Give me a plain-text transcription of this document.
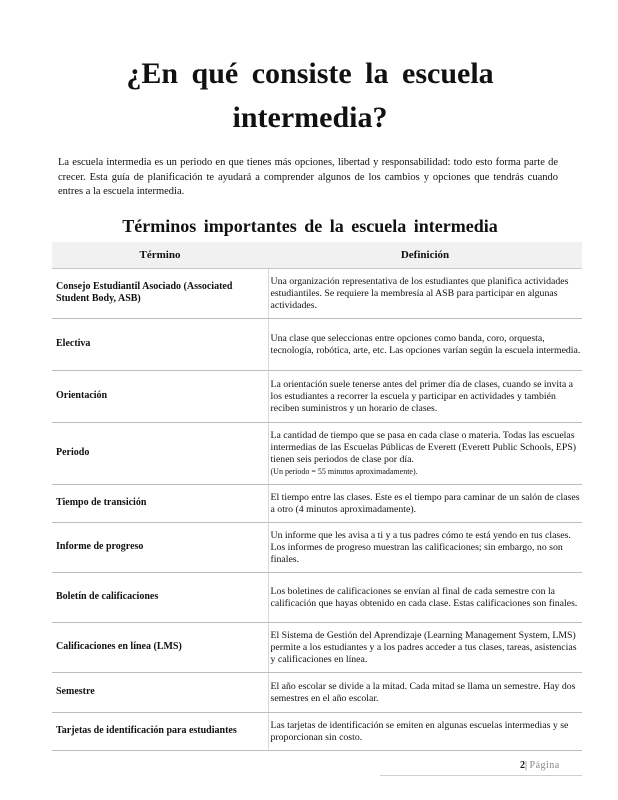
¿En qué consiste la escuela
intermedia?

La escuela intermedia es un periodo en que tienes más opciones, libertad y responsabilidad: todo esto forma parte de crecer. Esta guía de planificación te ayudará a comprender algunos de los cambios y opciones que tendrás cuando entres a la escuela intermedia.

Términos importantes de la escuela intermedia
Término	Definición
Consejo Estudiantil Asociado (Associated Student Body, ASB)	Una organización representativa de los estudiantes que planifica actividades estudiantiles. Se requiere la membresía al ASB para participar en algunas actividades.
Electiva	Una clase que seleccionas entre opciones como banda, coro, orquesta, tecnología, robótica, arte, etc. Las opciones varían según la escuela intermedia.
Orientación	La orientación suele tenerse antes del primer día de clases, cuando se invita a los estudiantes a recorrer la escuela y participar en actividades y también reciben suministros y un horario de clases.
Periodo	La cantidad de tiempo que se pasa en cada clase o materia. Todas las escuelas intermedias de las Escuelas Públicas de Everett (Everett Public Schools, EPS) tienen seis periodos de clase por día.
(Un periodo = 55 minutos aproximadamente).
Tiempo de transición	El tiempo entre las clases. Este es el tiempo para caminar de un salón de clases a otro (4 minutos aproximadamente).
Informe de progreso	Un informe que les avisa a ti y a tus padres cómo te está yendo en tus clases. Los informes de progreso muestran las calificaciones; sin embargo, no son finales.
Boletín de calificaciones	Los boletines de calificaciones se envían al final de cada semestre con la calificación que hayas obtenido en cada clase. Estas calificaciones son finales.
Calificaciones en línea (LMS)	El Sistema de Gestión del Aprendizaje (Learning Management System, LMS) permite a los estudiantes y a los padres acceder a tus clases, tareas, asistencias y calificaciones en línea.
Semestre	El año escolar se divide a la mitad. Cada mitad se llama un semestre. Hay dos semestres en el año escolar.
Tarjetas de identificación para estudiantes	Las tarjetas de identificación se emiten en algunas escuelas intermedias y se proporcionan sin costo.
2| Página
